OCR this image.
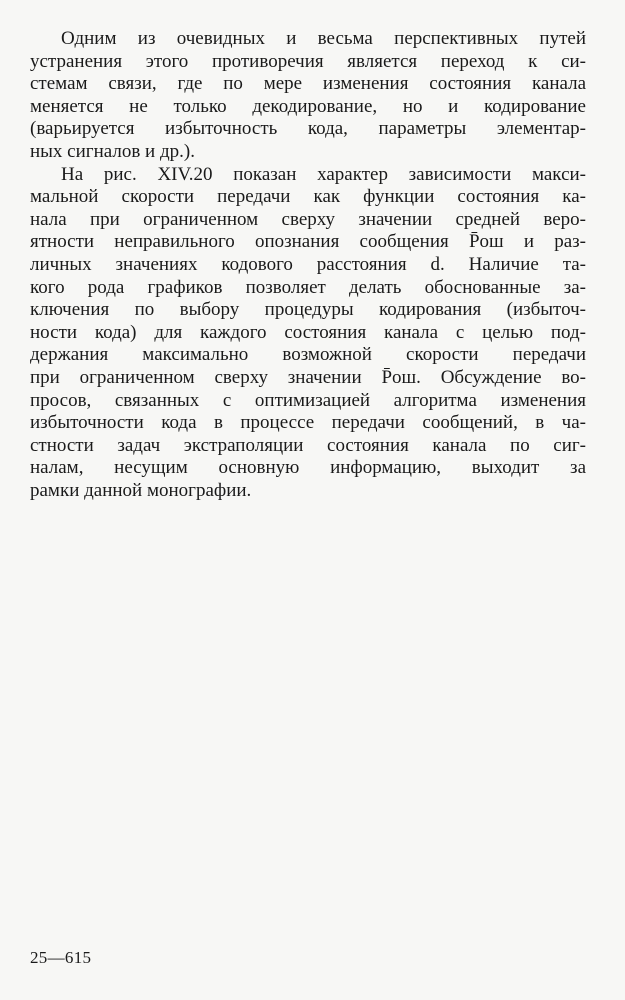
Одним из очевидных и весьма перспективных путей
устранения этого противоречия является переход к си-
стемам связи, где по мере изменения состояния канала
меняется не только декодирование, но и кодирование
(варьируется избыточность кода, параметры элементар-
ных сигналов и др.).
На рис. XIV.20 показан характер зависимости макси-
мальной скорости передачи как функции состояния ка-
нала при ограниченном сверху значении средней веро-
ятности неправильного опознания сообщения P̄ош и раз-
личных значениях кодового расстояния d. Наличие та-
кого рода графиков позволяет делать обоснованные за-
ключения по выбору процедуры кодирования (избыточ-
ности кода) для каждого состояния канала с целью под-
держания максимально возможной скорости передачи
при ограниченном сверху значении P̄ош. Обсуждение во-
просов, связанных с оптимизацией алгоритма изменения
избыточности кода в процессе передачи сообщений, в ча-
стности задач экстраполяции состояния канала по сиг-
налам, несущим основную информацию, выходит за
рамки данной монографии.
25—615
